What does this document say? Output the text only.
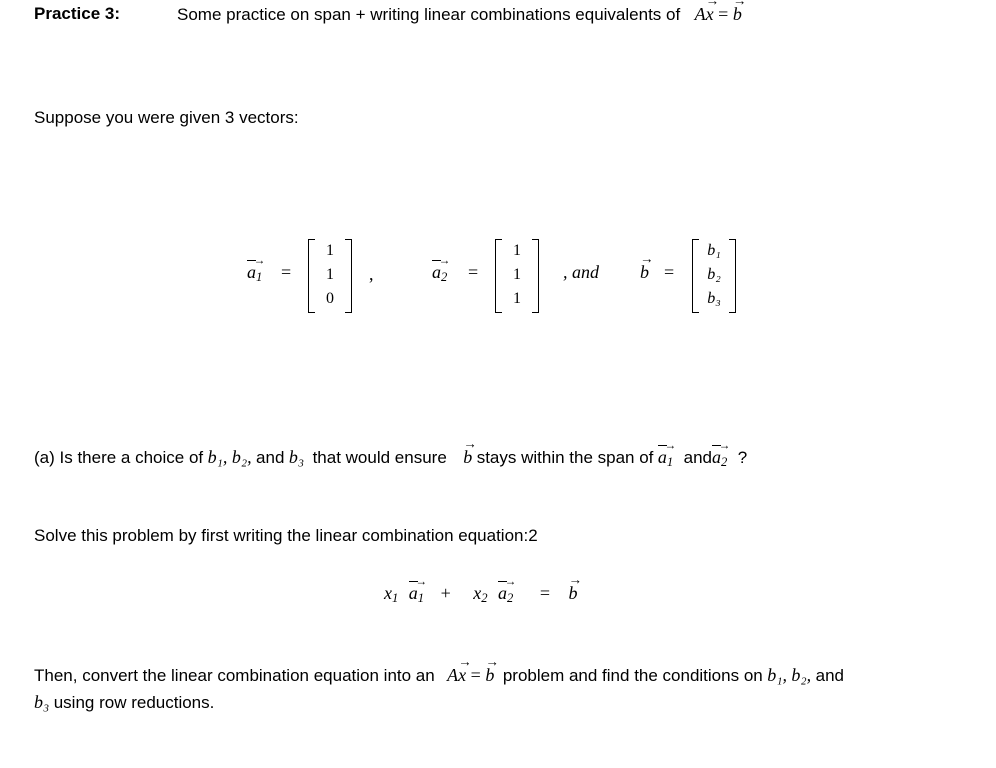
Practice 3:	Some practice on span + writing linear combinations equivalents of Ax → = b →
Suppose you were given 3 vectors:
$a_1$ → =
1
1
0
,	$a_2$ → =
1
1
1
, and b → =
b₁
b₂
b₃
(a) Is there a choice of b₁, b₂, and b₃ that would ensure b → stays within the span of $a_1$ → anda$_2$ → ?
Solve this problem by first writing the linear combination equation:2
$x_1$ $a_1$ → + $x_2$ $a_2$ → = b →
Then, convert the linear combination equation into an Ax → = b → problem and find the conditions on b₁, b₂, and
b₃ using row reductions.
